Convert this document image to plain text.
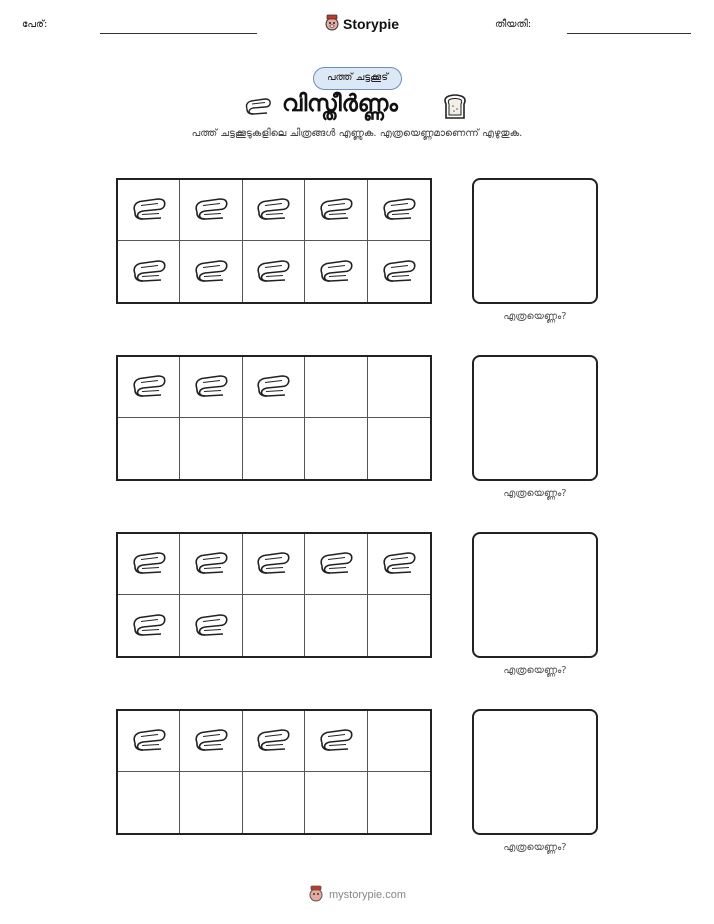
പേര്:	Storypie	തീയതി:
പത്ത് ചട്ടക്കൂട്
വിസ്തീർണ്ണം
പത്ത് ചട്ടക്കൂടുകളിലെ ചിത്രങ്ങൾ എണ്ണുക. എത്രയെണ്ണമാണെന്ന് എഴുതുക.
എത്രയെണ്ണം?
എത്രയെണ്ണം?
എത്രയെണ്ണം?
എത്രയെണ്ണം?
mystorypie.com
